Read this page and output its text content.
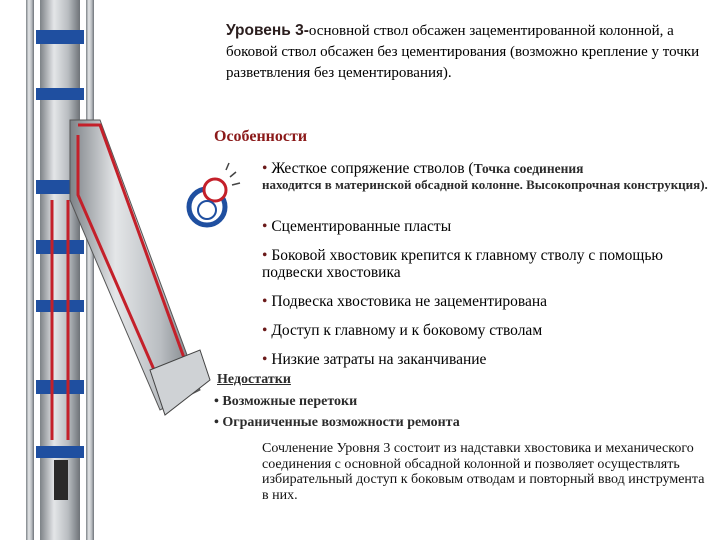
Уровень 3-основной ствол обсажен зацементированной колонной, а боковой ствол обсажен без цементирования (возможно крепление у точки разветвления без цементирования).
Особенности
• Жесткое сопряжение стволов (Точка соединения
находится в материнской обсадной колонне. Высокопрочная конструкция).
• Сцементированные пласты
• Боковой хвостовик крепится к главному стволу с помощью подвески хвостовика
• Подвеска хвостовика не зацементирована
• Доступ к главному и к боковому стволам
• Низкие затраты на заканчивание
Недостатки
• Возможные перетоки
• Ограниченные возможности ремонта
Сочленение Уровня 3 состоит из надставки хвостовика и механического соединения с основной обсадной колонной и позволяет осуществлять избирательный доступ к боковым отводам и повторный ввод инструмента в них.
